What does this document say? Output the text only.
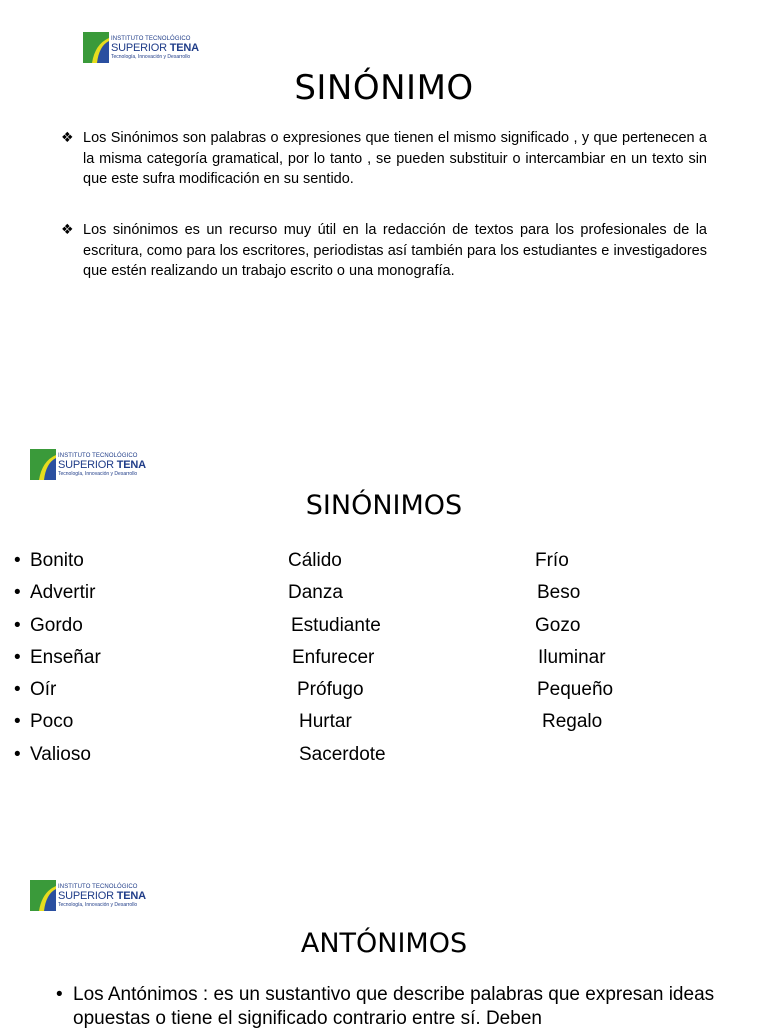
INSTITUTO TECNOLÓGICO
SUPERIOR TENA
Tecnología, Innovación y Desarrollo
SINÓNIMO
❖ Los Sinónimos son palabras o expresiones que tienen el mismo significado , y que pertenecen a la misma categoría gramatical, por lo tanto , se pueden substituir o intercambiar en un texto sin que este sufra modificación en su sentido.
❖ Los sinónimos es un recurso muy útil en la redacción de textos para los profesionales de la escritura, como para los escritores, periodistas así también para los estudiantes e investigadores que estén realizando un trabajo escrito o una monografía.
INSTITUTO TECNOLÓGICO
SUPERIOR TENA
Tecnología, Innovación y Desarrollo
SINÓNIMOS
• Bonito
• Advertir
• Gordo
• Enseñar
• Oír
• Poco
• Valioso
Cálido
Danza
Estudiante
Enfurecer
Prófugo
Hurtar
Sacerdote
Frío
Beso
Gozo
Iluminar
Pequeño
Regalo
INSTITUTO TECNOLÓGICO
SUPERIOR TENA
Tecnología, Innovación y Desarrollo
ANTÓNIMOS
• Los Antónimos : es un sustantivo que describe palabras que expresan ideas opuestas o tiene el significado contrario entre sí. Deben
